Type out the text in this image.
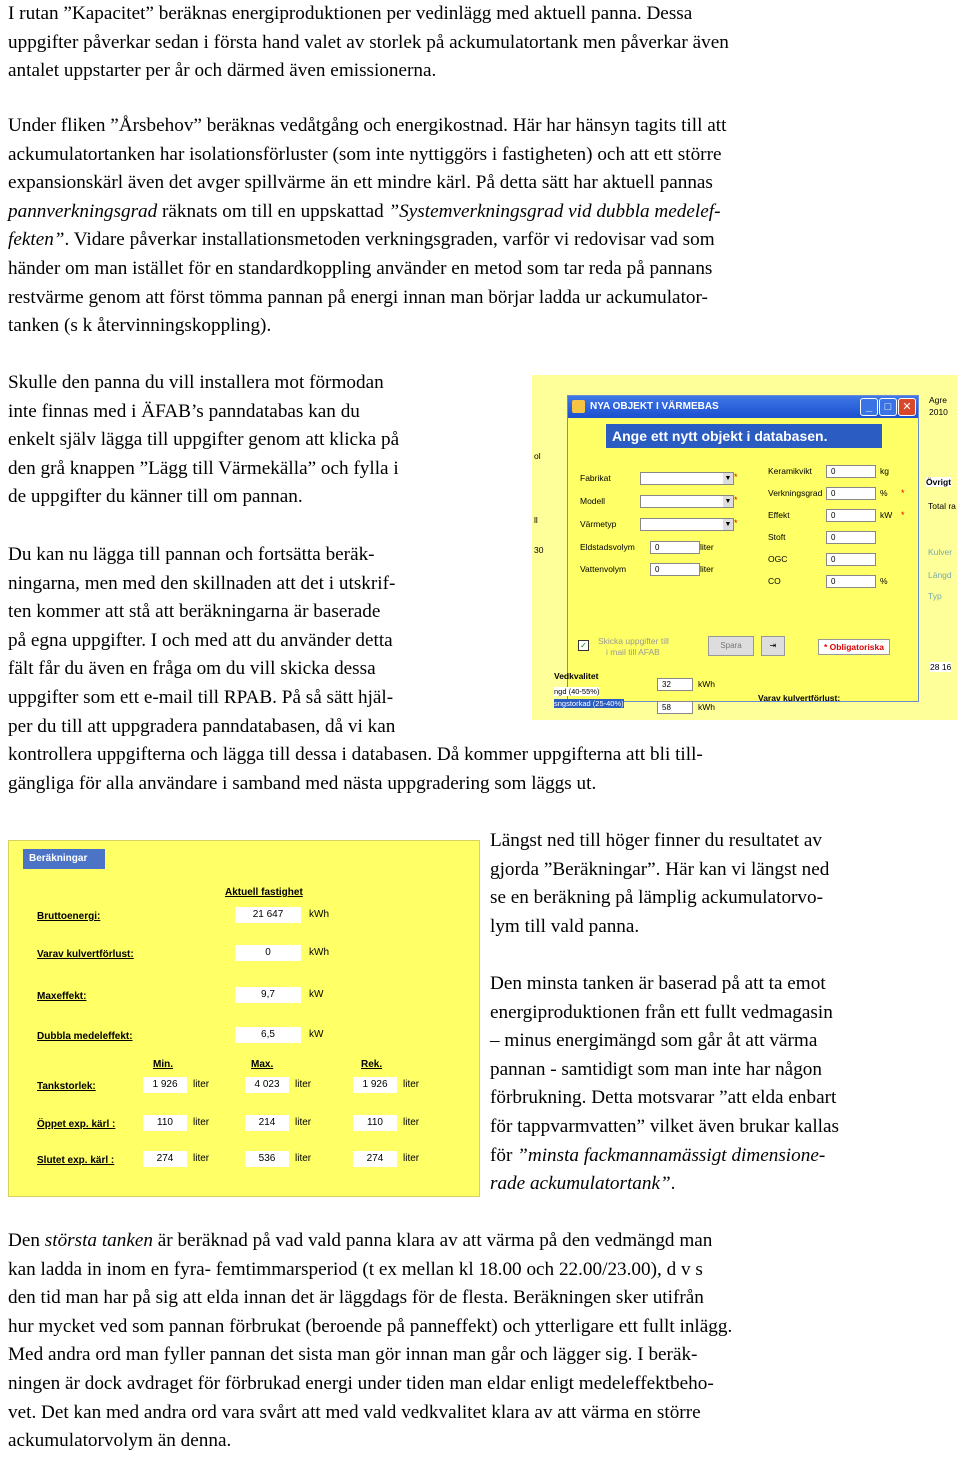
I rutan ”Kapacitet” beräknas energiproduktionen per vedinlägg med aktuell panna. Dessa
uppgifter påverkar sedan i första hand valet av storlek på ackumulatortank men påverkar även
antalet uppstarter per år och därmed även emissionerna.
Under fliken ”Årsbehov” beräknas vedåtgång och energikostnad. Här har hänsyn tagits till att
ackumulatortanken har isolationsförluster (som inte nyttiggörs i fastigheten) och att ett större
expansionskärl även det avger spillvärme än ett mindre kärl. På detta sätt har aktuell pannas
pannverkningsgrad räknats om till en uppskattad ”Systemverkningsgrad vid dubbla medelef-
fekten”. Vidare påverkar installationsmetoden verkningsgraden, varför vi redovisar vad som
händer om man istället för en standardkoppling använder en metod som tar reda på pannans
restvärme genom att först tömma pannan på energi innan man börjar ladda ur ackumulator-
tanken (s k återvinningskoppling).
Skulle den panna du vill installera mot förmodan
inte finnas med i ÄFAB’s panndatabas kan du
enkelt själv lägga till uppgifter genom att klicka på
den grå knappen ”Lägg till Värmekälla” och fylla i
de uppgifter du känner till om pannan.
Du kan nu lägga till pannan och fortsätta beräk-
ningarna, men med den skillnaden att det i utskrif-
ten kommer att stå att beräkningarna är baserade
på egna uppgifter. I och med att du använder detta
fält får du även en fråga om du vill skicka dessa
uppgifter som ett e-mail till RPAB. På så sätt hjäl-
per du till att uppgradera panndatabasen, då vi kan
kontrollera uppgifterna och lägga till dessa i databasen. Då kommer uppgifterna att bli till-
gängliga för alla användare i samband med nästa uppgradering som läggs ut.
ol
ll
30
2010
Agre
Övrigt
Total ra
Kulver
Längd
Typ
28 16
NYA OBJEKT I VÄRMEBAS	_	□	✕
Ange ett nytt objekt i databasen.
Fabrikat	▼ *
Modell	▼ *
Värmetyp	▼ *
Eldstadsvolym	0	liter
Vattenvolym	0	liter
Keramikvikt	0	kg
Verkningsgrad	0	% *
Effekt	0	kW *
Stoft	0
OGC	0
CO	0	%
✓ Skicka uppgifter till
i mail till AFAB
Spara	⇥	* Obligatoriska
Vedkvalitet
ngd (40-55%)
sngstorkad (25-40%)
32	kWh
58	kWh
Varav kulvertförlust:
Beräkningar
Aktuell fastighet
Bruttoenergi:	21 647	kWh
Varav kulvertförlust:	0	kWh
Maxeffekt:	9,7	kW
Dubbla medeleffekt:	6,5	kW
Min.	Max.	Rek.
Tankstorlek:	1 926	liter	4 023	liter	1 926	liter
Öppet exp. kärl :	110	liter	214	liter	110	liter
Slutet exp. kärl :	274	liter	536	liter	274	liter
Längst ned till höger finner du resultatet av
gjorda ”Beräkningar”. Här kan vi längst ned
se en beräkning på lämplig ackumulatorvo-
lym till vald panna.
Den minsta tanken är baserad på att ta emot
energiproduktionen från ett fullt vedmagasin
– minus energimängd som går åt att värma
pannan - samtidigt som man inte har någon
förbrukning. Detta motsvarar ”att elda enbart
för tappvarmvatten” vilket även brukar kallas
för ”minsta fackmannamässigt dimensione-
rade ackumulatortank”.
Den största tanken är beräknad på vad vald panna klara av att värma på den vedmängd man
kan ladda in inom en fyra- femtimmarsperiod (t ex mellan kl 18.00 och 22.00/23.00), d v s
den tid man har på sig att elda innan det är läggdags för de flesta. Beräkningen sker utifrån
hur mycket ved som pannan förbrukat (beroende på panneffekt) och ytterligare ett fullt inlägg.
Med andra ord man fyller pannan det sista man gör innan man går och lägger sig. I beräk-
ningen är dock avdraget för förbrukad energi under tiden man eldar enligt medeleffektbeho-
vet. Det kan med andra ord vara svårt att med vald vedkvalitet klara av att värma en större
ackumulatorvolym än denna.
